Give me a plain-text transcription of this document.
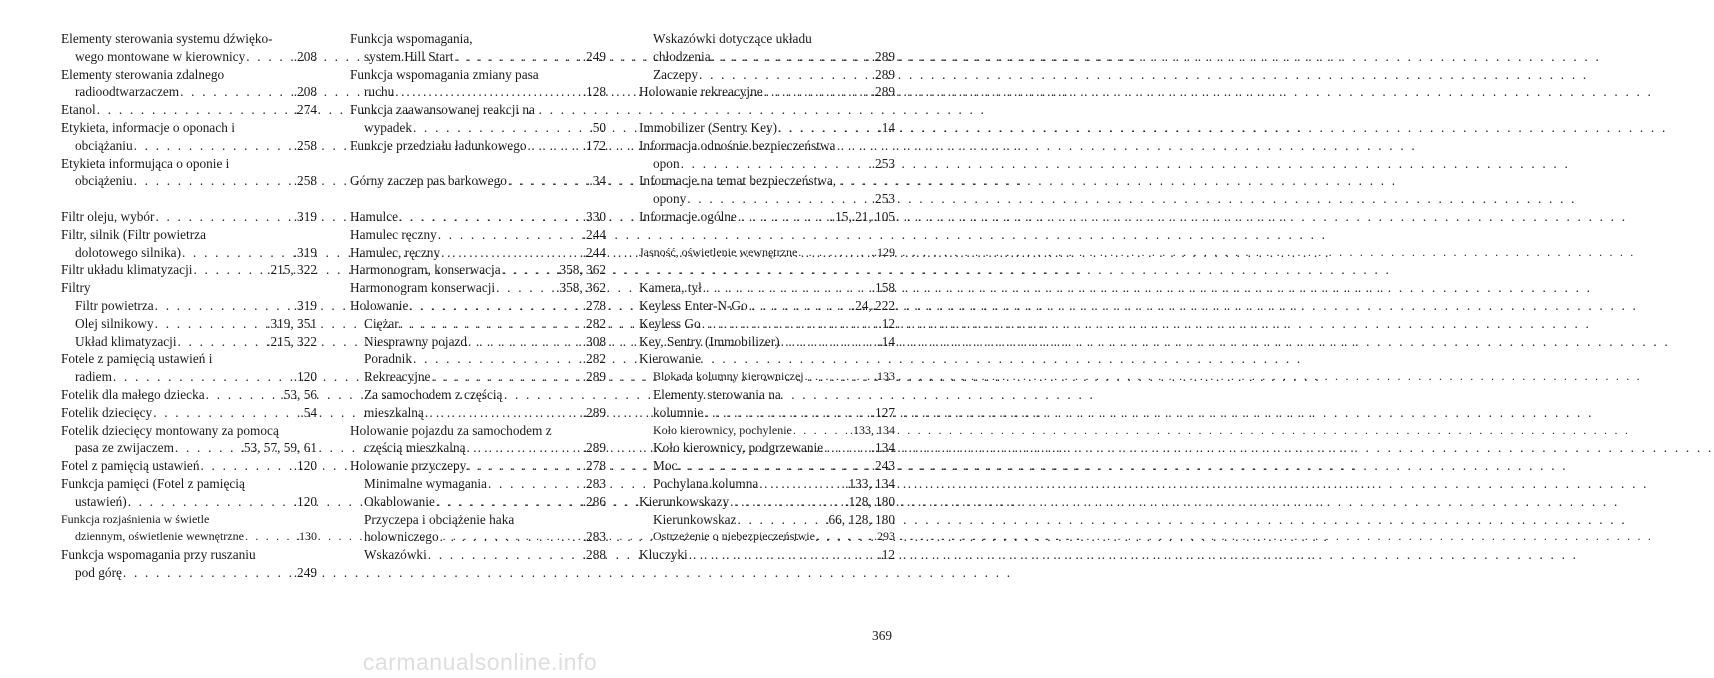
Elementy sterowania systemu dźwięko-
wego montowane w kierownicy . . .	.208
Elementy sterowania zdalnego
radioodtwarzaczem . . .	.208
Etanol . . .	.274
Etykieta, informacje o oponach i
obciążaniu . . .	.258
Etykieta informująca o oponie i
obciążeniu . . .	.258
Filtr oleju, wybór . . .	.319
Filtr, silnik (Filtr powietrza
dolotowego silnika) . . .	.319
Filtr układu klimatyzacji . . .	.215, 322
Filtry
Filtr powietrza . . .	.319
Olej silnikowy . . .	.319, 351
Układ klimatyzacji . . .	.215, 322
Fotele z pamięcią ustawień i
radiem . . .	.120
Fotelik dla małego dziecka . . .	.53, 56
Fotelik dziecięcy . . .	.54
Fotelik dziecięcy montowany za pomocą
pasa ze zwijaczem . . .	.53, 57, 59, 61
Fotel z pamięcią ustawień . . .	.120
Funkcja pamięci (Fotel z pamięcią
ustawień) . . .	.120
Funkcja rozjaśnienia w świetle
dziennym, oświetlenie wewnętrzne . . .	.130
Funkcja wspomagania przy ruszaniu
pod górę . . .	.249
Funkcja wspomagania,
system Hill Start . . .	.249
Funkcja wspomagania zmiany pasa
ruchu . . .	.128
Funkcja zaawansowanej reakcji na
wypadek . . .	.50
Funkcje przedziału ładunkowego . . .	.172
Górny zaczep pas barkowego . . .	.34
Hamulce . . .	.330
Hamulec ręczny . . .	.244
Hamulec, ręczny . . .	.244
Harmonogram, konserwacja . . .	.358, 362
Harmonogram konserwacji . . .	.358, 362
Holowanie . . .	.278
Ciężar . . .	.282
Niesprawny pojazd . . .	.308
Poradnik . . .	.282
Rekreacyjne . . .	.289
Za samochodem z częścią
mieszkalną . . .	.289
Holowanie pojazdu za samochodem z
częścią mieszkalną . . .	.289
Holowanie przyczepy . . .	.278
Minimalne wymagania . . .	.283
Okablowanie . . .	.286
Przyczepa i obciążenie haka
holowniczego . . .	.283
Wskazówki . . .	.288
Wskazówki dotyczące układu
chłodzenia . . .	.289
Zaczepy . . .	.289
Holowanie rekreacyjne . . .	.289
Immobilizer (Sentry Key) . . .	.14
Informacja odnośnie bezpieczeństwa
opon . . .	.253
Informacje na temat bezpieczeństwa,
opony . . .	.253
Informacje ogólne . . .	.15, 21, 105
Jasność, oświetlenie wewnętrzne . . .	.129
Kamera, tył . . .	.158
Keyless Enter-N-Go . . .	.24, 222
Keyless Go . . .	.12
Key, Sentry (Immobilizer) . . .	.14
Kierowanie
Blokada kolumny kierowniczej . . .	.133
Elementy sterowania na
kolumnie . . .	.127
Koło kierownicy, pochylenie . . .	.133, 134
Koło kierownicy, podgrzewanie . . .	.134
Moc . . .	.243
Pochylana kolumna . . .	.133, 134
Kierunkowskazy . . .	.128, 180
Kierunkowskaz . . .	.66, 128, 180
Ostrzeżenie o niebezpieczeństwie . . .	.293
Kluczyki . . .	.12
369
carmanualsonline.info
